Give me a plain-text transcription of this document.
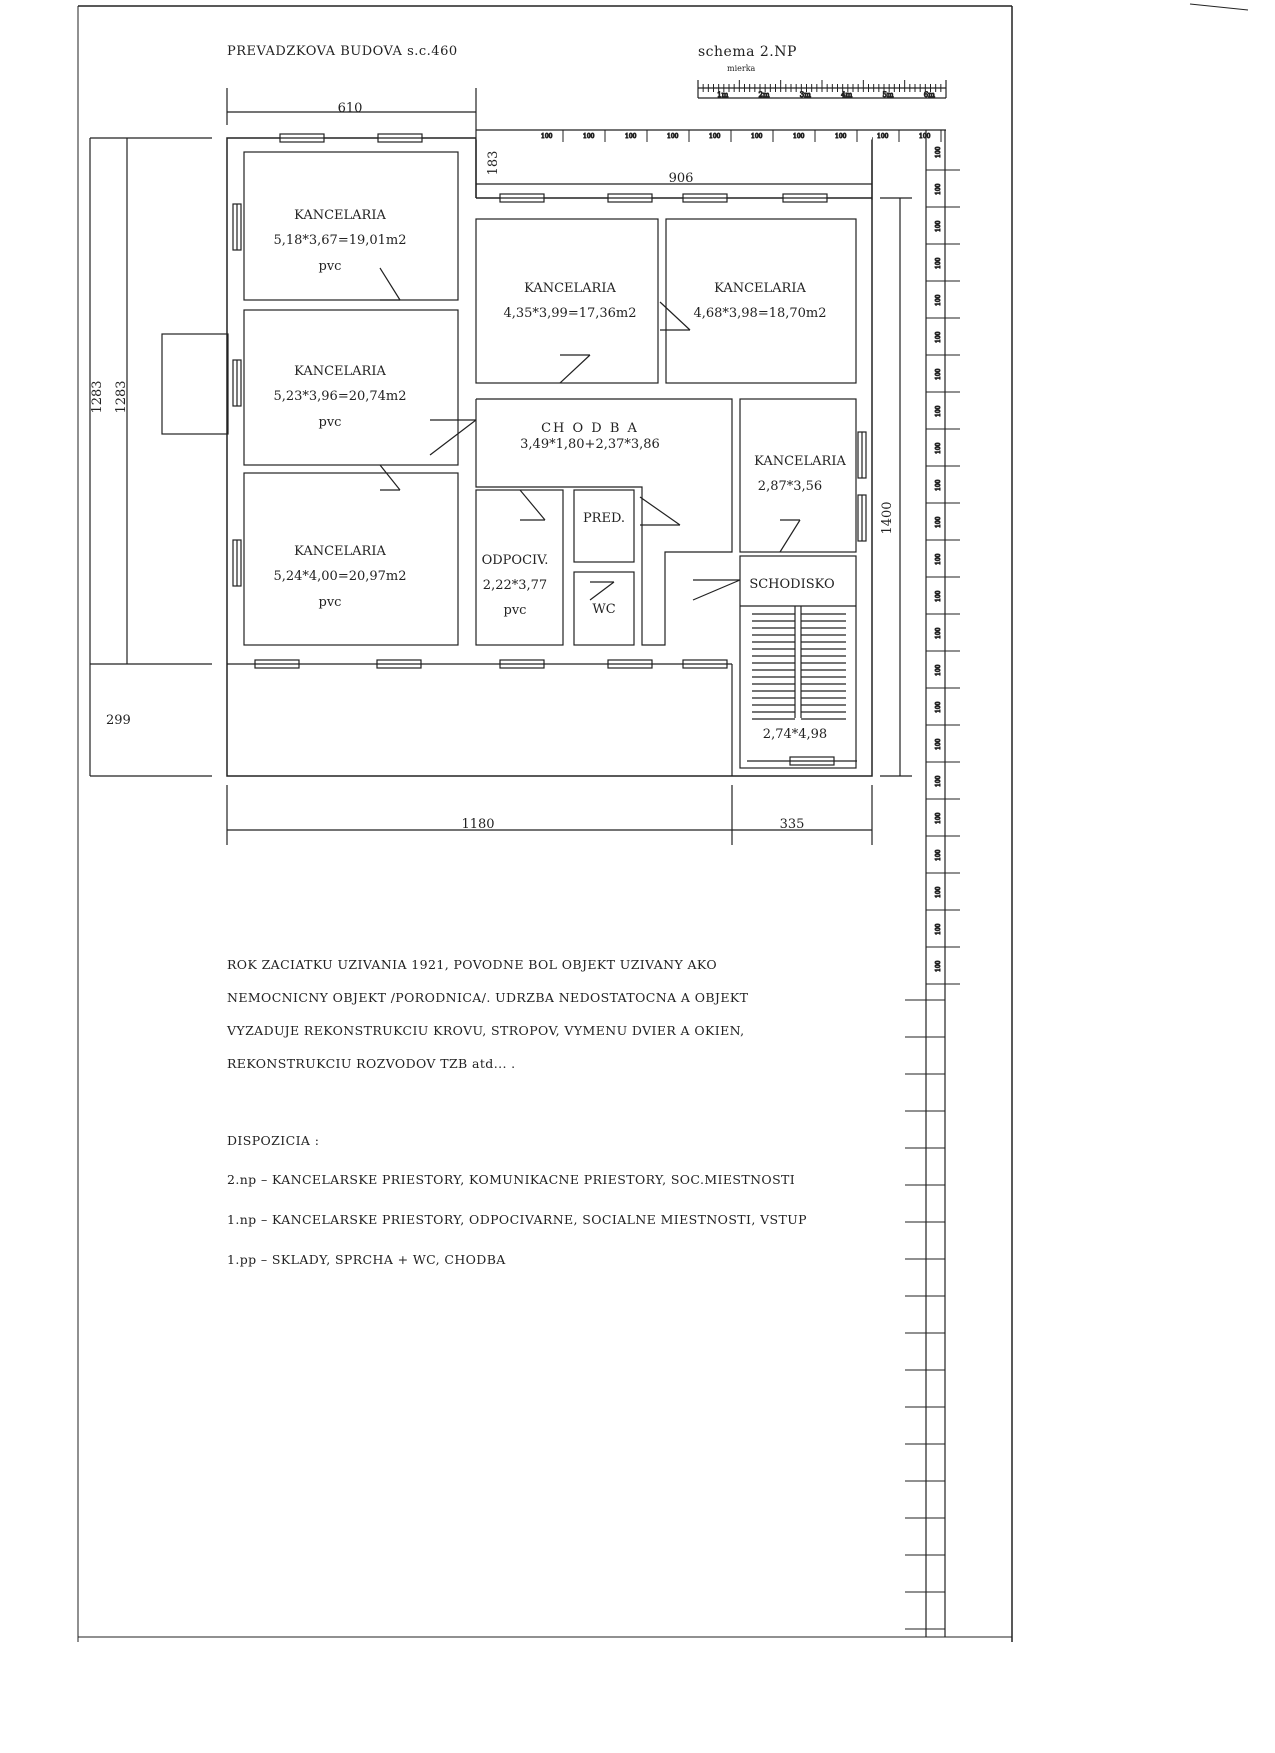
PREVADZKOVA BUDOVA s.c.460	schema 2.NP
100	100	100	100	100	100	100	100	100	100
100
100
100
100
100
100
100
100
100
100
100
100
100
100
100
100
100
100
100
100
100
100
100
1m	2m	3m	4m	5m	6m
610
183
906
1283 1283
299
1400
1180	335
mierka
KANCELARIA
5,18*3,67=19,01m2
pvc
KANCELARIA
5,23*3,96=20,74m2
pvc
KANCELARIA
5,24*4,00=20,97m2
pvc
KANCELARIA
4,35*3,99=17,36m2
KANCELARIA
4,68*3,98=18,70m2
CH O D B A
3,49*1,80+2,37*3,86
KANCELARIA
2,87*3,56
ODPOCIV.
2,22*3,77
pvc
PRED.
WC
SCHODISKO
2,74*4,98

ROK ZACIATKU UZIVANIA 1921, POVODNE BOL OBJEKT UZIVANY AKO

NEMOCNICNY OBJEKT /PORODNICA/. UDRZBA NEDOSTATOCNA A OBJEKT

VYZADUJE REKONSTRUKCIU KROVU, STROPOV, VYMENU DVIER A OKIEN,

REKONSTRUKCIU ROZVODOV TZB atd... .

DISPOZICIA :

2.np – KANCELARSKE PRIESTORY, KOMUNIKACNE PRIESTORY, SOC.MIESTNOSTI

1.np – KANCELARSKE PRIESTORY, ODPOCIVARNE, SOCIALNE MIESTNOSTI, VSTUP

1.pp – SKLADY, SPRCHA + WC, CHODBA
